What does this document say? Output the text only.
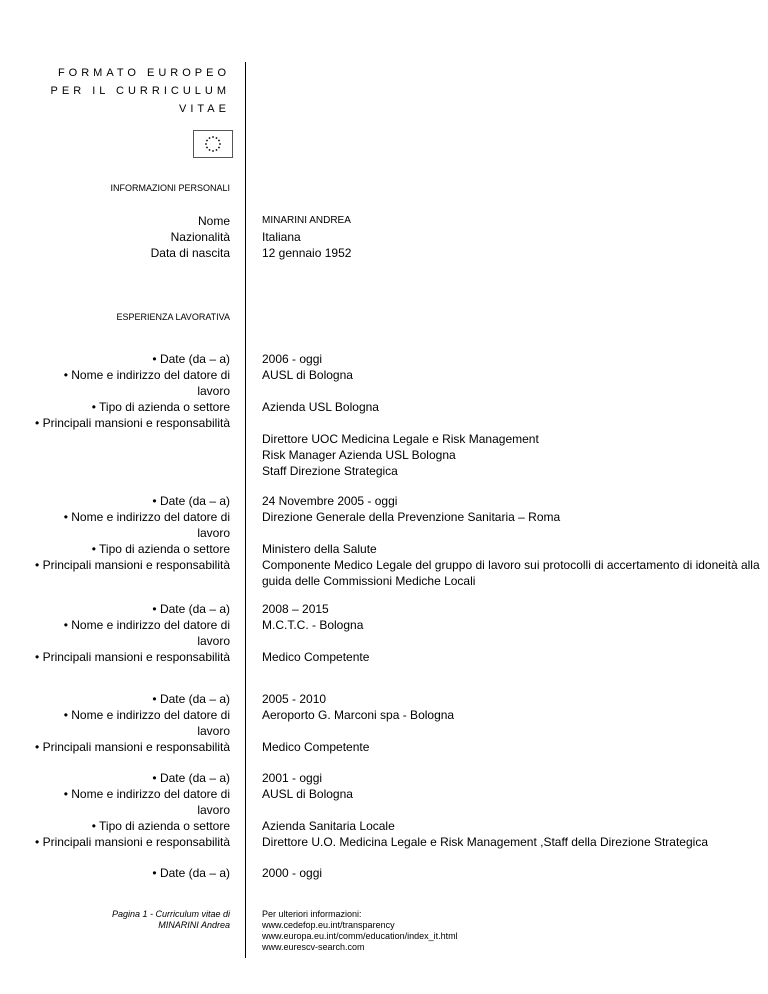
FORMATO EUROPEO
PER IL CURRICULUM
VITAE
INFORMAZIONI PERSONALI
Nome
Nazionalità
Data di nascita
MINARINI ANDREA
Italiana
12 gennaio 1952
ESPERIENZA LAVORATIVA
• Date (da – a)
• Nome e indirizzo del datore di
lavoro
• Tipo di azienda o settore
• Principali mansioni e responsabilità
2006 - oggi
AUSL di Bologna
Azienda USL Bologna
Direttore UOC Medicina Legale e Risk Management
Risk Manager Azienda USL Bologna
Staff Direzione Strategica
• Date (da – a)
• Nome e indirizzo del datore di
lavoro
• Tipo di azienda o settore
• Principali mansioni e responsabilità
24 Novembre 2005 - oggi
Direzione Generale della Prevenzione Sanitaria – Roma
Ministero della Salute
Componente Medico Legale del gruppo di lavoro sui protocolli di accertamento di idoneità alla
guida delle Commissioni Mediche Locali
• Date (da – a)
• Nome e indirizzo del datore di
lavoro
• Principali mansioni e responsabilità
2008 – 2015
M.C.T.C. - Bologna
Medico Competente
• Date (da – a)
• Nome e indirizzo del datore di
lavoro
• Principali mansioni e responsabilità
2005 - 2010
Aeroporto G. Marconi spa - Bologna
Medico Competente
• Date (da – a)
• Nome e indirizzo del datore di
lavoro
• Tipo di azienda o settore
• Principali mansioni e responsabilità
2001 - oggi
AUSL di Bologna
Azienda Sanitaria Locale
Direttore U.O. Medicina Legale e Risk Management ,Staff della Direzione Strategica
• Date (da – a)	2000 - oggi
Pagina 1 - Curriculum vitae di
MINARINI Andrea
Per ulteriori informazioni:
www.cedefop.eu.int/transparency
www.europa.eu.int/comm/education/index_it.html
www.eurescv-search.com
